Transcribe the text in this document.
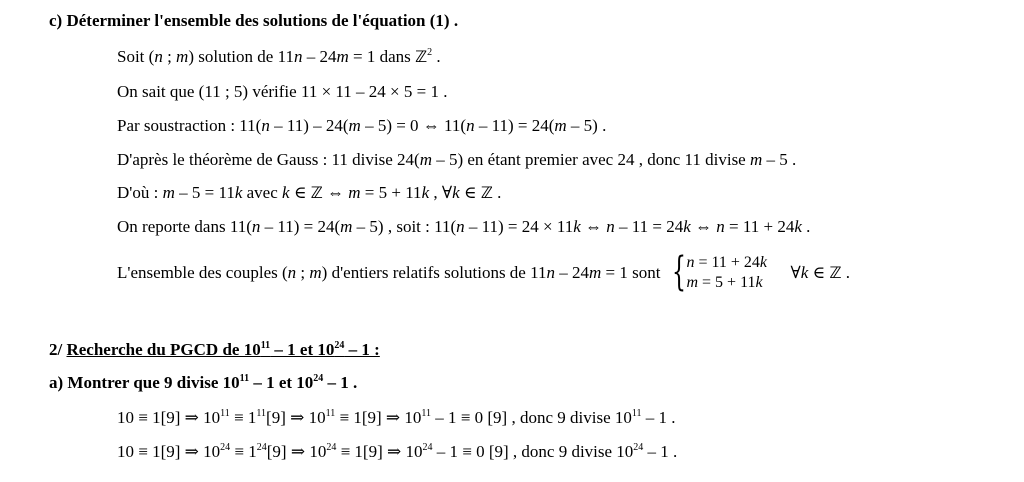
c) Déterminer l'ensemble des solutions de l'équation (1) .
Soit (n ; m) solution de 11n – 24m = 1 dans ℤ$^2$ .
On sait que (11 ; 5) vérifie 11 × 11 – 24 × 5 = 1 .
Par soustraction : 11(n – 11) – 24(m – 5) = 0 ⇔ 11(n – 11) = 24(m – 5) .
D'après le théorème de Gauss : 11 divise 24(m – 5) en étant premier avec 24 , donc 11 divise m – 5 .
D'où : m – 5 = 11k avec k ∈ ℤ ⇔ m = 5 + 11k , ∀k ∈ ℤ .
On reporte dans 11(n – 11) = 24(m – 5) , soit : 11(n – 11) = 24 × 11k ⇔ n – 11 = 24k ⇔ n = 11 + 24k .
L'ensemble des couples (n ; m) d'entiers relatifs solutions de 11n – 24m = 1 sont { n = 11 + 24k
m = 5 + 11k
∀k ∈ ℤ .
2/ Recherche du PGCD de $10^{11} - 1$ et $10^{24} - 1$ :
a) Montrer que 9 divise $10^{11} - 1$ et $10^{24} - 1$ .
10 ≡ 1[9] ⇒ $10^{11} \equiv 1^{11}[9]$ ⇒ $10^{11} \equiv 1[9]$ ⇒ $10^{11} - 1 \equiv 0$ [9] , donc 9 divise $10^{11} - 1$ .
10 ≡ 1[9] ⇒ $10^{24} \equiv 1^{24}[9]$ ⇒ $10^{24} \equiv 1[9]$ ⇒ $10^{24} - 1 \equiv 0$ [9] , donc 9 divise $10^{24} - 1$ .
